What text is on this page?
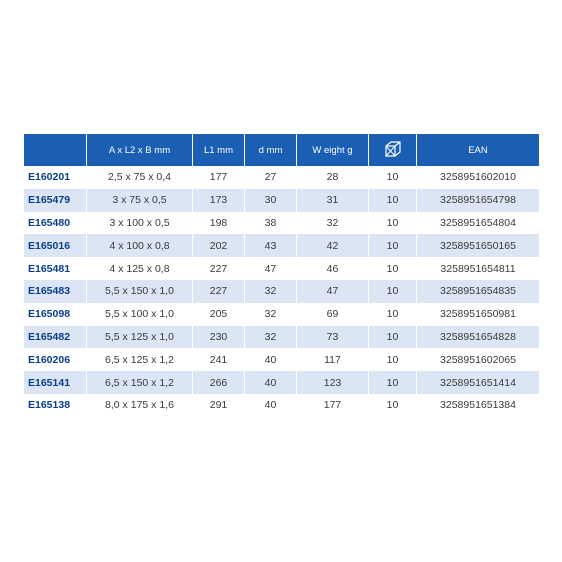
	A x L2 x B mm	L1 mm	d mm	W eight g		EAN
E160201	2,5 x 75 x 0,4	177	27	28	10	3258951602010
E165479	3 x 75 x 0,5	173	30	31	10	3258951654798
E165480	3 x 100 x 0,5	198	38	32	10	3258951654804
E165016	4 x 100 x 0,8	202	43	42	10	3258951650165
E165481	4 x 125 x 0,8	227	47	46	10	3258951654811
E165483	5,5 x 150 x 1,0	227	32	47	10	3258951654835
E165098	5,5 x 100 x 1,0	205	32	69	10	3258951650981
E165482	5,5 x 125 x 1,0	230	32	73	10	3258951654828
E160206	6,5 x 125 x 1,2	241	40	117	10	3258951602065
E165141	6,5 x 150 x 1,2	266	40	123	10	3258951651414
E165138	8,0 x 175 x 1,6	291	40	177	10	3258951651384
